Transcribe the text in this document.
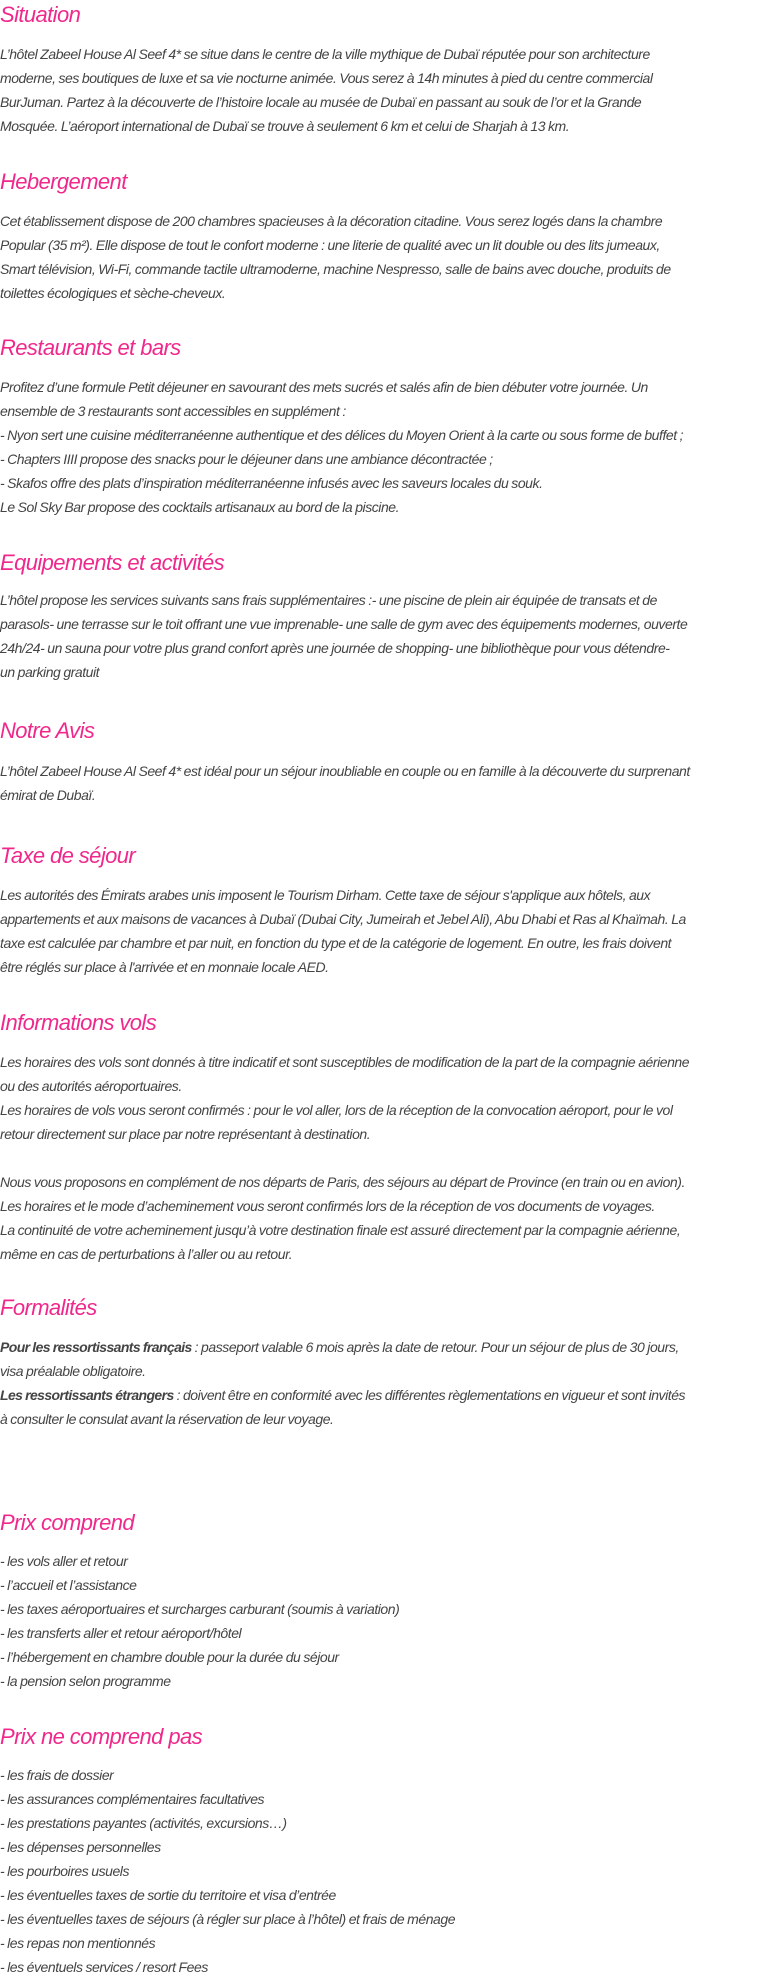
Situation

L’hôtel Zabeel House Al Seef 4* se situe dans le centre de la ville mythique de Dubaï réputée pour son architecture

moderne, ses boutiques de luxe et sa vie nocturne animée. Vous serez à 14h minutes à pied du centre commercial

BurJuman. Partez à la découverte de l’histoire locale au musée de Dubaï en passant au souk de l’or et la Grande

Mosquée. L’aéroport international de Dubaï se trouve à seulement 6 km et celui de Sharjah à 13 km.

Hebergement

Cet établissement dispose de 200 chambres spacieuses à la décoration citadine. Vous serez logés dans la chambre

Popular (35 m²). Elle dispose de tout le confort moderne : une literie de qualité avec un lit double ou des lits jumeaux,

Smart télévision, Wi-Fi, commande tactile ultramoderne, machine Nespresso, salle de bains avec douche, produits de

toilettes écologiques et sèche-cheveux.

Restaurants et bars

Profitez d’une formule Petit déjeuner en savourant des mets sucrés et salés afin de bien débuter votre journée. Un

ensemble de 3 restaurants sont accessibles en supplément :

- Nyon sert une cuisine méditerranéenne authentique et des délices du Moyen Orient à la carte ou sous forme de buffet ;

- Chapters IIII propose des snacks pour le déjeuner dans une ambiance décontractée ;

- Skafos offre des plats d’inspiration méditerranéenne infusés avec les saveurs locales du souk.

Le Sol Sky Bar propose des cocktails artisanaux au bord de la piscine.

Equipements et activités

L’hôtel propose les services suivants sans frais supplémentaires :- une piscine de plein air équipée de transats et de

parasols- une terrasse sur le toit offrant une vue imprenable- une salle de gym avec des équipements modernes, ouverte

24h/24- un sauna pour votre plus grand confort après une journée de shopping- une bibliothèque pour vous détendre-

un parking gratuit

Notre Avis

L’hôtel Zabeel House Al Seef 4* est idéal pour un séjour inoubliable en couple ou en famille à la découverte du surprenant

émirat de Dubaï.

Taxe de séjour

Les autorités des Émirats arabes unis imposent le Tourism Dirham. Cette taxe de séjour s'applique aux hôtels, aux

appartements et aux maisons de vacances à Dubaï (Dubai City, Jumeirah et Jebel Ali), Abu Dhabi et Ras al Khaïmah. La

taxe est calculée par chambre et par nuit, en fonction du type et de la catégorie de logement. En outre, les frais doivent

être réglés sur place à l'arrivée et en monnaie locale AED.

Informations vols

Les horaires des vols sont donnés à titre indicatif et sont susceptibles de modification de la part de la compagnie aérienne

ou des autorités aéroportuaires.

Les horaires de vols vous seront confirmés : pour le vol aller, lors de la réception de la convocation aéroport, pour le vol

retour directement sur place par notre représentant à destination.

Nous vous proposons en complément de nos départs de Paris, des séjours au départ de Province (en train ou en avion).

Les horaires et le mode d’acheminement vous seront confirmés lors de la réception de vos documents de voyages.

La continuité de votre acheminement jusqu’à votre destination finale est assuré directement par la compagnie aérienne,

même en cas de perturbations à l’aller ou au retour.

Formalités

Pour les ressortissants français : passeport valable 6 mois après la date de retour. Pour un séjour de plus de 30 jours,

visa préalable obligatoire.

Les ressortissants étrangers : doivent être en conformité avec les différentes règlementations en vigueur et sont invités

à consulter le consulat avant la réservation de leur voyage.

Prix comprend
- les vols aller et retour
- l’accueil et l’assistance
- les taxes aéroportuaires et surcharges carburant (soumis à variation)
- les transferts aller et retour aéroport/hôtel
- l’hébergement en chambre double pour la durée du séjour
- la pension selon programme
Prix ne comprend pas
- les frais de dossier
- les assurances complémentaires facultatives
- les prestations payantes (activités, excursions…)
- les dépenses personnelles
- les pourboires usuels
- les éventuelles taxes de sortie du territoire et visa d’entrée
- les éventuelles taxes de séjours (à régler sur place à l’hôtel) et frais de ménage
- les repas non mentionnés
- les éventuels services / resort Fees
